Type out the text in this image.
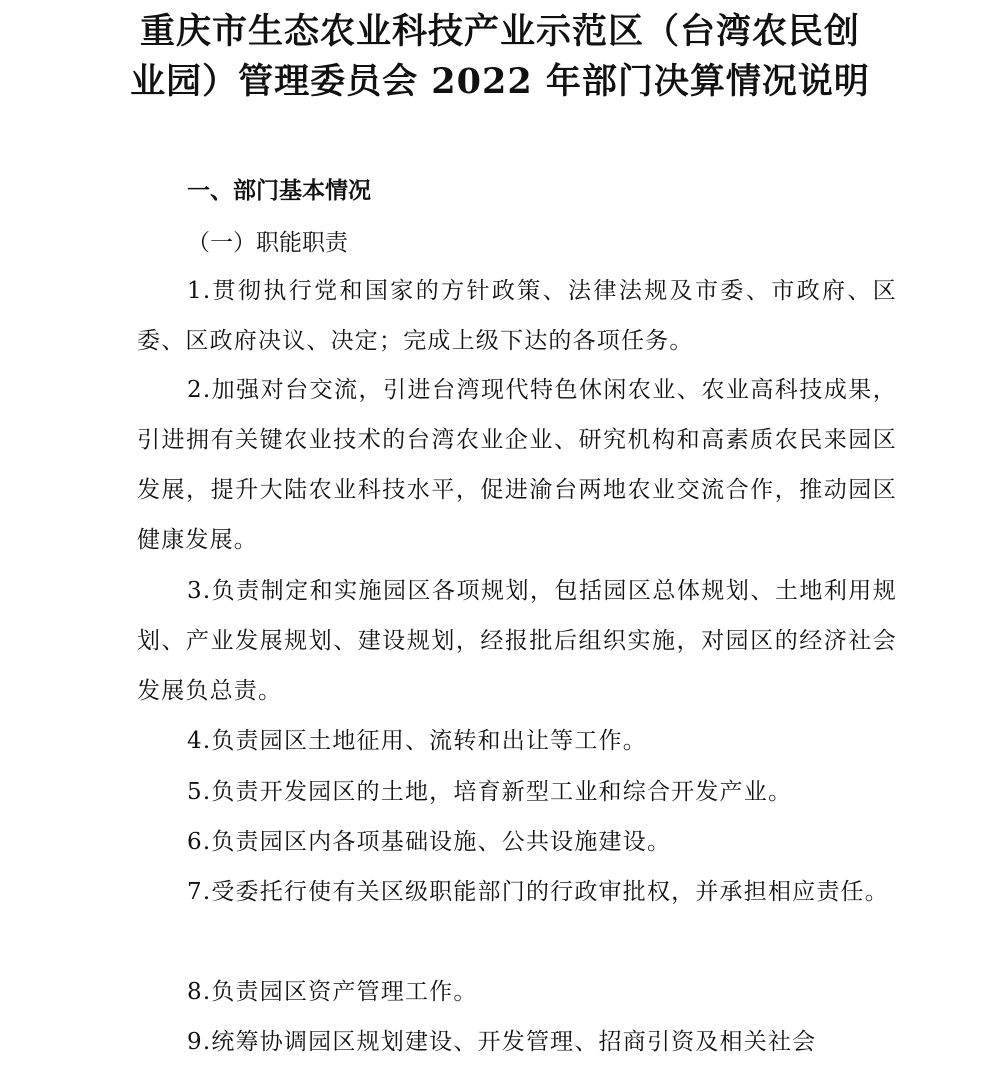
重庆市生态农业科技产业示范区（台湾农民创
业园）管理委员会 2022 年部门决算情况说明
一、部门基本情况
（一）职能职责

1.贯彻执行党和国家的方针政策、法律法规及市委、市政府、区委、区政府决议、决定；完成上级下达的各项任务。

2.加强对台交流，引进台湾现代特色休闲农业、农业高科技成果，引进拥有关键农业技术的台湾农业企业、研究机构和高素质农民来园区发展，提升大陆农业科技水平，促进渝台两地农业交流合作，推动园区健康发展。

3.负责制定和实施园区各项规划，包括园区总体规划、土地利用规划、产业发展规划、建设规划，经报批后组织实施，对园区的经济社会发展负总责。

4.负责园区土地征用、流转和出让等工作。

5.负责开发园区的土地，培育新型工业和综合开发产业。

6.负责园区内各项基础设施、公共设施建设。

7.受委托行使有关区级职能部门的行政审批权，并承担相应责任。

8.负责园区资产管理工作。

9.统筹协调园区规划建设、开发管理、招商引资及相关社会
